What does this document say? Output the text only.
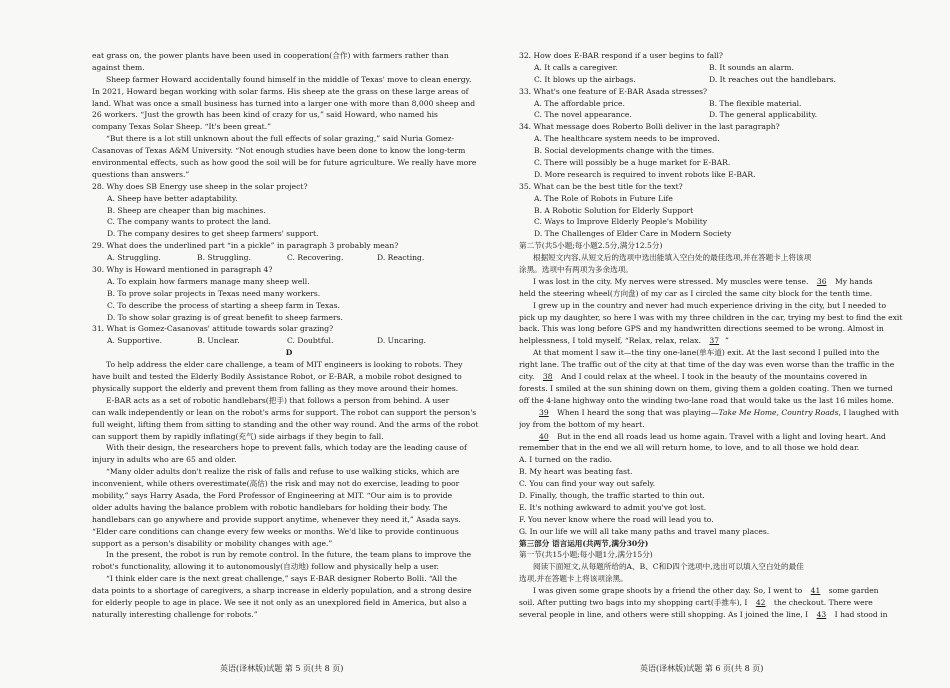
eat grass on, the power plants have been used in cooperation(合作) with farmers rather than
against them.
Sheep farmer Howard accidentally found himself in the middle of Texas' move to clean energy.
In 2021, Howard began working with solar farms. His sheep ate the grass on these large areas of
land. What was once a small business has turned into a larger one with more than 8,000 sheep and
26 workers. “Just the growth has been kind of crazy for us,” said Howard, who named his
company Texas Solar Sheep. “It's been great.”
“But there is a lot still unknown about the full effects of solar grazing,” said Nuria Gomez-
Casanovas of Texas A&M University. “Not enough studies have been done to know the long-term
environmental effects, such as how good the soil will be for future agriculture. We really have more
questions than answers.”
28. Why does SB Energy use sheep in the solar project?
A. Sheep have better adaptability.
B. Sheep are cheaper than big machines.
C. The company wants to protect the land.
D. The company desires to get sheep farmers' support.
29. What does the underlined part “in a pickle” in paragraph 3 probably mean?
A. Struggling.	B. Struggling.	C. Recovering.	D. Reacting.
30. Why is Howard mentioned in paragraph 4?
A. To explain how farmers manage many sheep well.
B. To prove solar projects in Texas need many workers.
C. To describe the process of starting a sheep farm in Texas.
D. To show solar grazing is of great benefit to sheep farmers.
31. What is Gomez-Casanovas' attitude towards solar grazing?
A. Supportive.	B. Unclear.	C. Doubtful.	D. Uncaring.
D
To help address the elder care challenge, a team of MIT engineers is looking to robots. They
have built and tested the Elderly Bodily Assistance Robot, or E-BAR, a mobile robot designed to
physically support the elderly and prevent them from falling as they move around their homes.
E-BAR acts as a set of robotic handlebars(把手) that follows a person from behind. A user
can walk independently or lean on the robot's arms for support. The robot can support the person's
full weight, lifting them from sitting to standing and the other way round. And the arms of the robot
can support them by rapidly inflating(充气) side airbags if they begin to fall.
With their design, the researchers hope to prevent falls, which today are the leading cause of
injury in adults who are 65 and older.
“Many older adults don't realize the risk of falls and refuse to use walking sticks, which are
inconvenient, while others overestimate(高估) the risk and may not do exercise, leading to poor
mobility,” says Harry Asada, the Ford Professor of Engineering at MIT. “Our aim is to provide
older adults having the balance problem with robotic handlebars for holding their body. The
handlebars can go anywhere and provide support anytime, whenever they need it,” Asada says.
“Elder care conditions can change every few weeks or months. We'd like to provide continuous
support as a person's disability or mobility changes with age.”
In the present, the robot is run by remote control. In the future, the team plans to improve the
robot's functionality, allowing it to autonomously(自动地) follow and physically help a user.
“I think elder care is the next great challenge,” says E-BAR designer Roberto Bolli. “All the
data points to a shortage of caregivers, a sharp increase in elderly population, and a strong desire
for elderly people to age in place. We see it not only as an unexplored field in America, but also a
naturally interesting challenge for robots.”
英语(译林版)试题 第 5 页(共 8 页)
32. How does E-BAR respond if a user begins to fall?
A. It calls a caregiver.	B. It sounds an alarm.
C. It blows up the airbags.	D. It reaches out the handlebars.
33. What's one feature of E-BAR Asada stresses?
A. The affordable price.	B. The flexible material.
C. The novel appearance.	D. The general applicability.
34. What message does Roberto Bolli deliver in the last paragraph?
A. The healthcare system needs to be improved.
B. Social developments change with the times.
C. There will possibly be a huge market for E-BAR.
D. More research is required to invent robots like E-BAR.
35. What can be the best title for the text?
A. The Role of Robots in Future Life
B. A Robotic Solution for Elderly Support
C. Ways to Improve Elderly People's Mobility
D. The Challenges of Elder Care in Modern Society
第二节(共5小题;每小题2.5分,满分12.5分)
根据短文内容,从短文后的选项中选出能填入空白处的最佳选项,并在答题卡上将该项
涂黑。选项中有两项为多余选项。
I was lost in the city. My nerves were stressed. My muscles were tense. 36 My hands
held the steering wheel(方向盘) of my car as I circled the same city block for the tenth time.
I grew up in the country and never had much experience driving in the city, but I needed to
pick up my daughter, so here I was with my three children in the car, trying my best to find the exit
back. This was long before GPS and my handwritten directions seemed to be wrong. Almost in
helplessness, I told myself, “Relax, relax, relax. 37 ”
At that moment I saw it—the tiny one-lane(单车道) exit. At the last second I pulled into the
right lane. The traffic out of the city at that time of the day was even worse than the traffic in the
city. 38 And I could relax at the wheel. I took in the beauty of the mountains covered in
forests. I smiled at the sun shining down on them, giving them a golden coating. Then we turned
off the 4-lane highway onto the winding two-lane road that would take us the last 16 miles home.
39 When I heard the song that was playing—Take Me Home, Country Roads, I laughed with
joy from the bottom of my heart.
40 But in the end all roads lead us home again. Travel with a light and loving heart. And
remember that in the end we all will return home, to love, and to all those we hold dear.
A. I turned on the radio.
B. My heart was beating fast.
C. You can find your way out safely.
D. Finally, though, the traffic started to thin out.
E. It's nothing awkward to admit you've got lost.
F. You never know where the road will lead you to.
G. In our life we will all take many paths and travel many places.
第三部分 语言运用(共两节,满分30分)
第一节(共15小题;每小题1分,满分15分)
阅读下面短文,从每题所给的A、B、C和D四个选项中,选出可以填入空白处的最佳
选项,并在答题卡上将该项涂黑。
I was given some grape shoots by a friend the other day. So, I went to 41 some garden
soil. After putting two bags into my shopping cart(手推车), I 42 the checkout. There were
several people in line, and others were still shopping. As I joined the line, I 43 I had stood in
英语(译林版)试题 第 6 页(共 8 页)
